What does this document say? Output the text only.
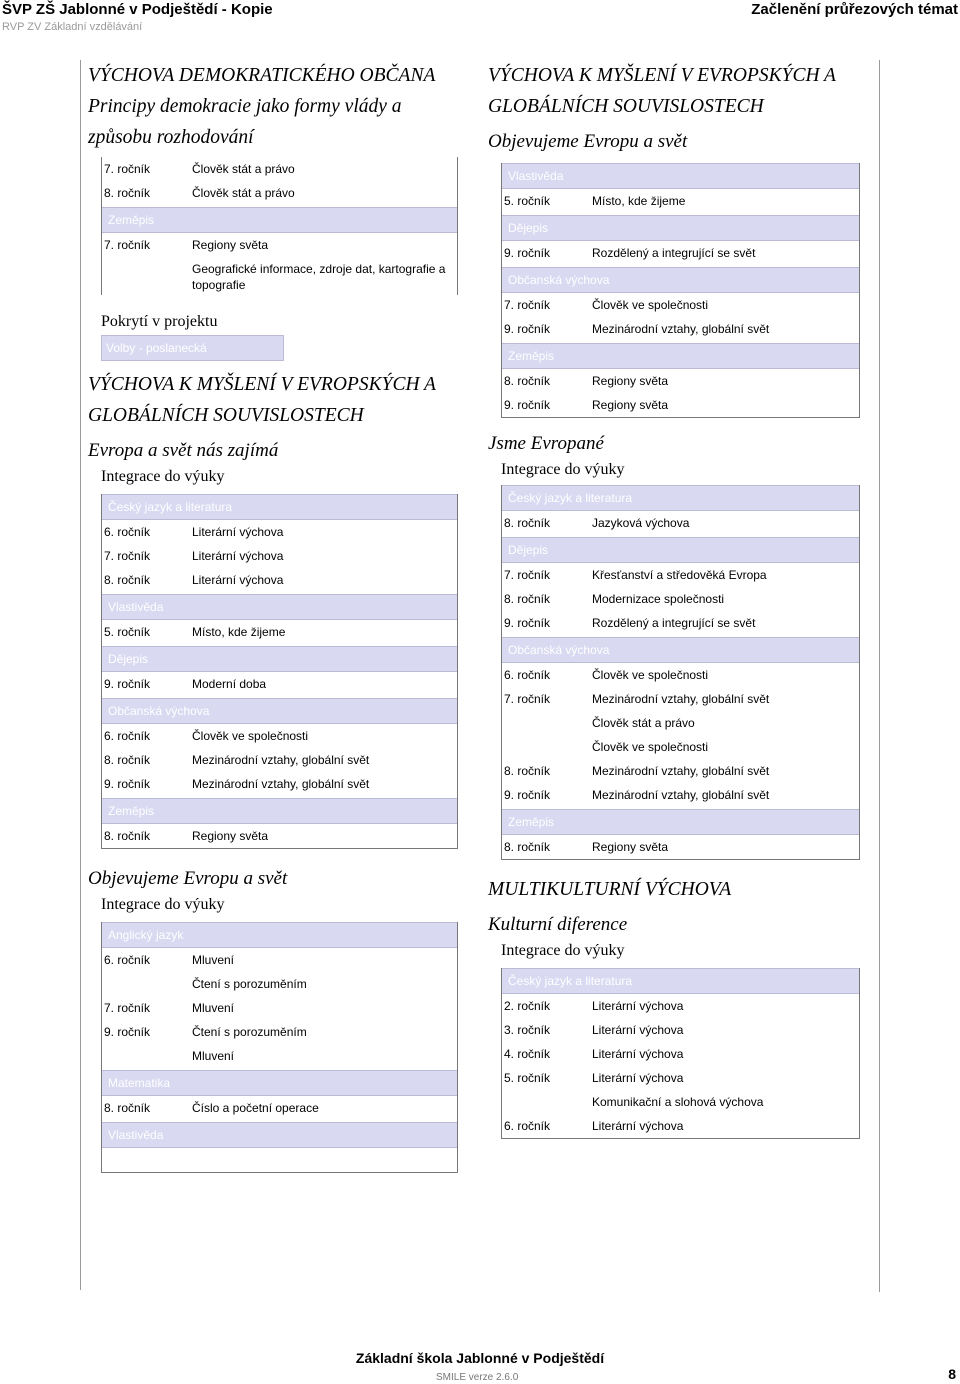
ŠVP ZŠ Jablonné v Podještědí - Kopie
RVP ZV Základní vzdělávání
Začlenění průřezových témat
VÝCHOVA DEMOKRATICKÉHO OBČANA
Principy demokracie jako formy vlády a způsobu rozhodování
7. ročník	Člověk stát a právo
8. ročník	Člověk stát a právo
Zeměpis
7. ročník	Regiony světa
Geografické informace, zdroje dat, kartografie a topografie
Pokrytí v projektu
Volby - poslanecká
VÝCHOVA K MYŠLENÍ V EVROPSKÝCH A GLOBÁLNÍCH SOUVISLOSTECH
Evropa a svět nás zajímá
Integrace do výuky
Český jazyk a literatura
6. ročník	Literární výchova
7. ročník	Literární výchova
8. ročník	Literární výchova
Vlastivěda
5. ročník	Místo, kde žijeme
Dějepis
9. ročník	Moderní doba
Občanská výchova
6. ročník	Člověk ve společnosti
8. ročník	Mezinárodní vztahy, globální svět
9. ročník	Mezinárodní vztahy, globální svět
Zeměpis
8. ročník	Regiony světa
Objevujeme Evropu a svět
Integrace do výuky
Anglický jazyk
6. ročník	Mluvení
Čtení s porozuměním
7. ročník	Mluvení
9. ročník	Čtení s porozuměním
Mluvení
Matematika
8. ročník	Číslo a početní operace
Vlastivěda
VÝCHOVA K MYŠLENÍ V EVROPSKÝCH A GLOBÁLNÍCH SOUVISLOSTECH
Objevujeme Evropu a svět
Vlastivěda
5. ročník	Místo, kde žijeme
Dějepis
9. ročník	Rozdělený a integrující se svět
Občanská výchova
7. ročník	Člověk ve společnosti
9. ročník	Mezinárodní vztahy, globální svět
Zeměpis
8. ročník	Regiony světa
9. ročník	Regiony světa
Jsme Evropané
Integrace do výuky
Český jazyk a literatura
8. ročník	Jazyková výchova
Dějepis
7. ročník	Křesťanství a středověká Evropa
8. ročník	Modernizace společnosti
9. ročník	Rozdělený a integrující se svět
Občanská výchova
6. ročník	Člověk ve společnosti
7. ročník	Mezinárodní vztahy, globální svět
Člověk stát a právo
Člověk ve společnosti
8. ročník	Mezinárodní vztahy, globální svět
9. ročník	Mezinárodní vztahy, globální svět
Zeměpis
8. ročník	Regiony světa
MULTIKULTURNÍ VÝCHOVA
Kulturní diference
Integrace do výuky
Český jazyk a literatura
2. ročník	Literární výchova
3. ročník	Literární výchova
4. ročník	Literární výchova
5. ročník	Literární výchova
Komunikační a slohová výchova
6. ročník	Literární výchova
Základní škola Jablonné v Podještědí
SMILE verze 2.6.0	8
